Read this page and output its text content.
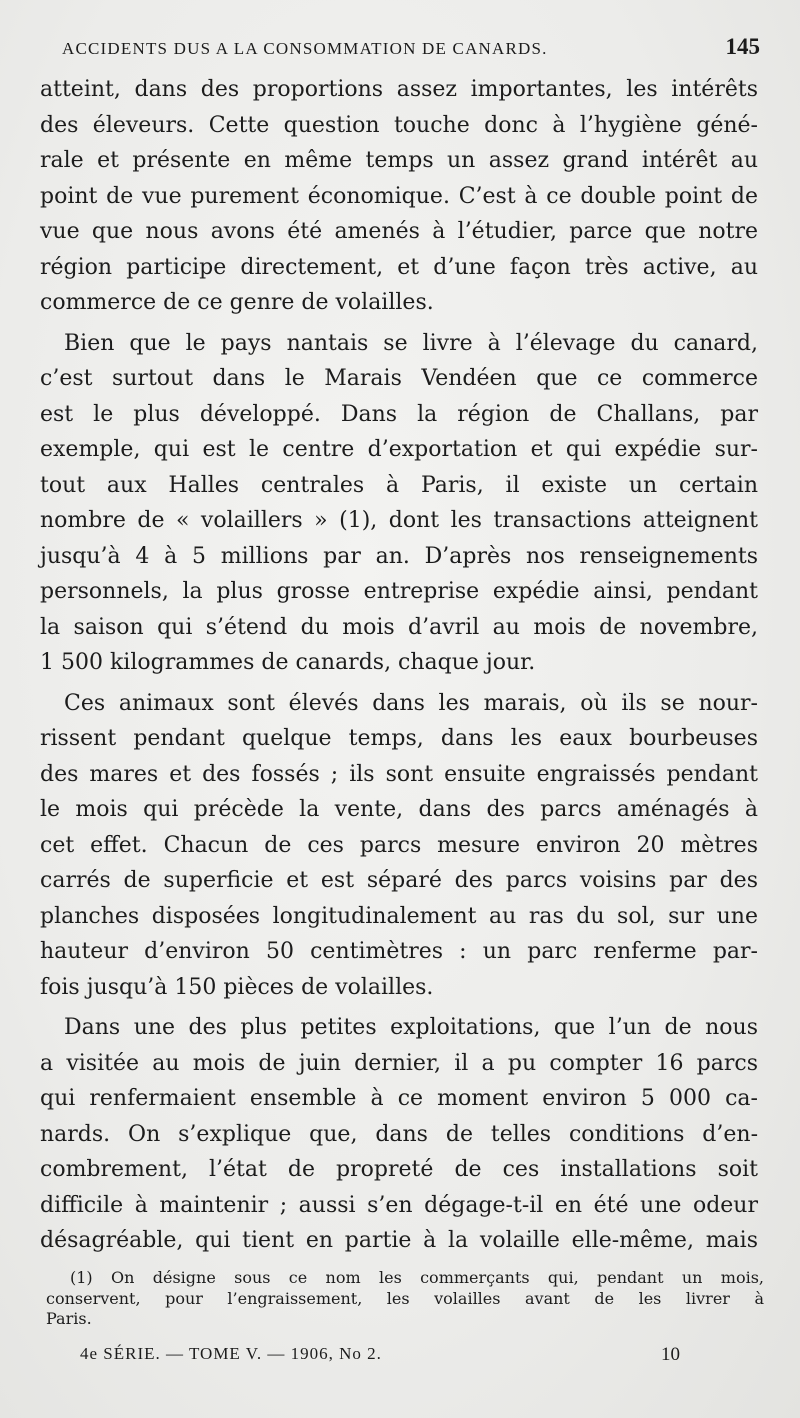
ACCIDENTS DUS A LA CONSOMMATION DE CANARDS.	145
atteint, dans des proportions assez importantes, les intérêts
des éleveurs. Cette question touche donc à l’hygiène géné-
rale et présente en même temps un assez grand intérêt au
point de vue purement économique. C’est à ce double point de
vue que nous avons été amenés à l’étudier, parce que notre
région participe directement, et d’une façon très active, au
commerce de ce genre de volailles.
Bien que le pays nantais se livre à l’élevage du canard,
c’est surtout dans le Marais Vendéen que ce commerce
est le plus développé. Dans la région de Challans, par
exemple, qui est le centre d’exportation et qui expédie sur-
tout aux Halles centrales à Paris, il existe un certain
nombre de « volaillers » (1), dont les transactions atteignent
jusqu’à 4 à 5 millions par an. D’après nos renseignements
personnels, la plus grosse entreprise expédie ainsi, pendant
la saison qui s’étend du mois d’avril au mois de novembre,
1 500 kilogrammes de canards, chaque jour.
Ces animaux sont élevés dans les marais, où ils se nour-
rissent pendant quelque temps, dans les eaux bourbeuses
des mares et des fossés ; ils sont ensuite engraissés pendant
le mois qui précède la vente, dans des parcs aménagés à
cet effet. Chacun de ces parcs mesure environ 20 mètres
carrés de superficie et est séparé des parcs voisins par des
planches disposées longitudinalement au ras du sol, sur une
hauteur d’environ 50 centimètres : un parc renferme par-
fois jusqu’à 150 pièces de volailles.
Dans une des plus petites exploitations, que l’un de nous
a visitée au mois de juin dernier, il a pu compter 16 parcs
qui renfermaient ensemble à ce moment environ 5 000 ca-
nards. On s’explique que, dans de telles conditions d’en-
combrement, l’état de propreté de ces installations soit
difficile à maintenir ; aussi s’en dégage-t-il en été une odeur
désagréable, qui tient en partie à la volaille elle-même, mais
(1) On désigne sous ce nom les commerçants qui, pendant un mois,
conservent, pour l’engraissement, les volailles avant de les livrer à
Paris.
4e SÉRIE. — TOME V. — 1906, No 2.	10
